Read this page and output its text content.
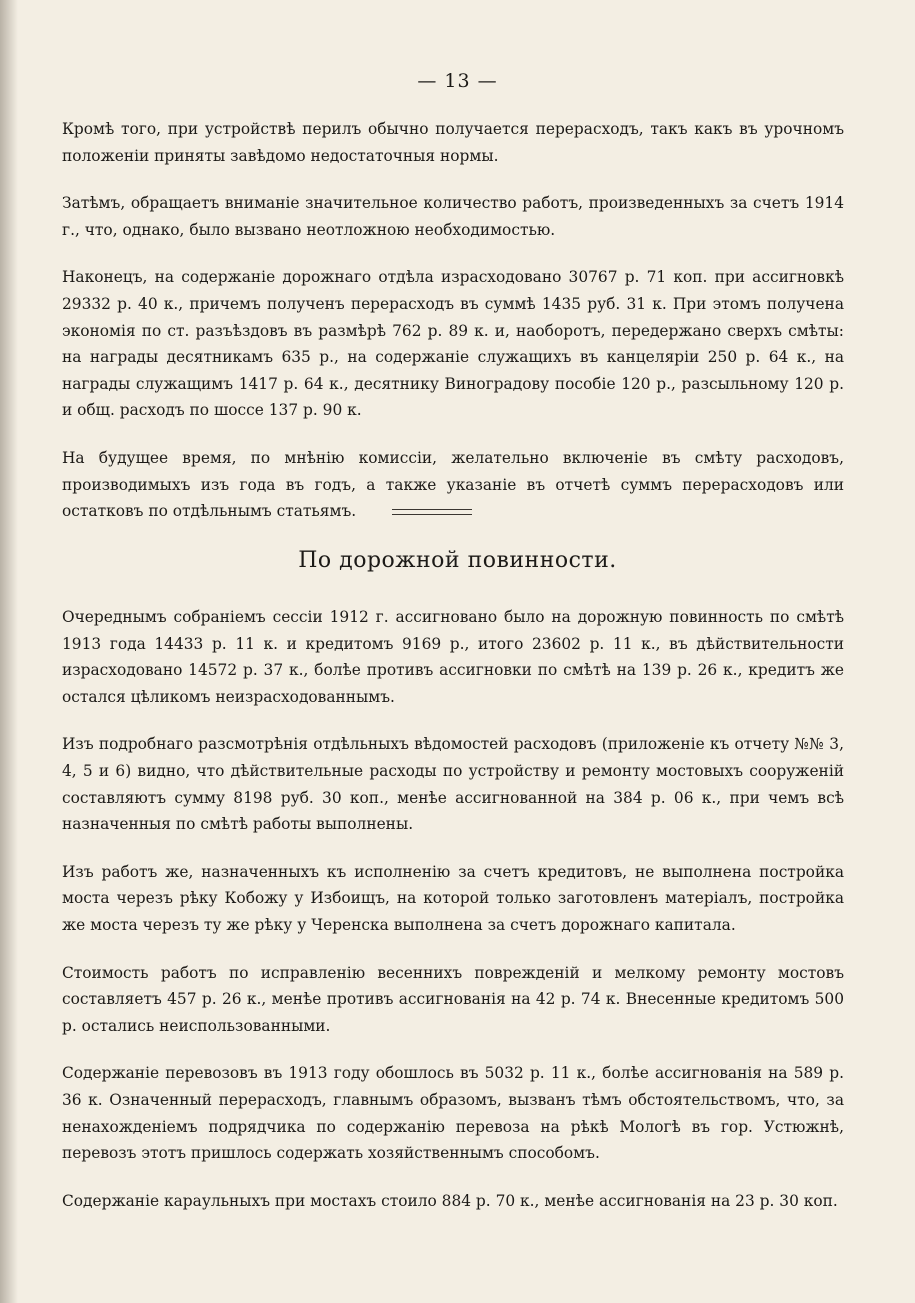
— 13 —

Кромѣ того, при устройствѣ перилъ обычно получается перерасходъ, такъ какъ въ урочномъ положенiи приняты завѣдомо недостаточныя нормы.

Затѣмъ, обращаетъ вниманiе значительное количество работъ, произведенныхъ за счетъ 1914 г., что, однако, было вызвано неотложною необходимостью.

Наконецъ, на содержанiе дорожнаго отдѣла израсходовано 30767 р. 71 коп. при ассигновкѣ 29332 р. 40 к., причемъ полученъ перерасходъ въ суммѣ 1435 руб. 31 к. При этомъ получена экономiя по ст. разъѣздовъ въ размѣрѣ 762 р. 89 к. и, наоборотъ, передержано сверхъ смѣты: на награды десятникамъ 635 р., на содержанiе служащихъ въ канцелярiи 250 р. 64 к., на награды служащимъ 1417 р. 64 к., десятнику Виноградову пособiе 120 р., разсыльному 120 р. и общ. расходъ по шоссе 137 р. 90 к.

На будущее время, по мнѣнiю комиссiи, желательно включенiе въ смѣту расходовъ, производимыхъ изъ года въ годъ, а также указанiе въ отчетѣ суммъ перерасходовъ или остатковъ по отдѣльнымъ статьямъ.

По дорожной повинности.

Очереднымъ собранiемъ сессiи 1912 г. ассигновано было на дорожную повинность по смѣтѣ 1913 года 14433 р. 11 к. и кредитомъ 9169 р., итого 23602 р. 11 к., въ дѣйствительности израсходовано 14572 р. 37 к., болѣе противъ ассигновки по смѣтѣ на 139 р. 26 к., кредитъ же остался цѣликомъ неизрасходованнымъ.

Изъ подробнаго разсмотрѣнiя отдѣльныхъ вѣдомостей расходовъ (приложенiе къ отчету №№ 3, 4, 5 и 6) видно, что дѣйствительные расходы по устройству и ремонту мостовыхъ сооруженiй составляютъ сумму 8198 руб. 30 коп., менѣе ассигнованной на 384 р. 06 к., при чемъ всѣ назначенныя по смѣтѣ работы выполнены.

Изъ работъ же, назначенныхъ къ исполненiю за счетъ кредитовъ, не выполнена постройка моста черезъ рѣку Кобожу у Избоищъ, на которой только заготовленъ матерiалъ, постройка же моста черезъ ту же рѣку у Черенска выполнена за счетъ дорожнаго капитала.

Стоимость работъ по исправленiю весеннихъ поврежденiй и мелкому ремонту мостовъ составляетъ 457 р. 26 к., менѣе противъ ассигнованiя на 42 р. 74 к. Внесенные кредитомъ 500 р. остались неиспользованными.

Содержанiе перевозовъ въ 1913 году обошлось въ 5032 р. 11 к., болѣе ассигнованiя на 589 р. 36 к. Означенный перерасходъ, главнымъ образомъ, вызванъ тѣмъ обстоятельствомъ, что, за ненахожденiемъ подрядчика по содержанiю перевоза на рѣкѣ Мологѣ въ гор. Устюжнѣ, перевозъ этотъ пришлось содержать хозяйственнымъ способомъ.

Содержанiе караульныхъ при мостахъ стоило 884 р. 70 к., менѣе ассигнованiя на 23 р. 30 коп.
